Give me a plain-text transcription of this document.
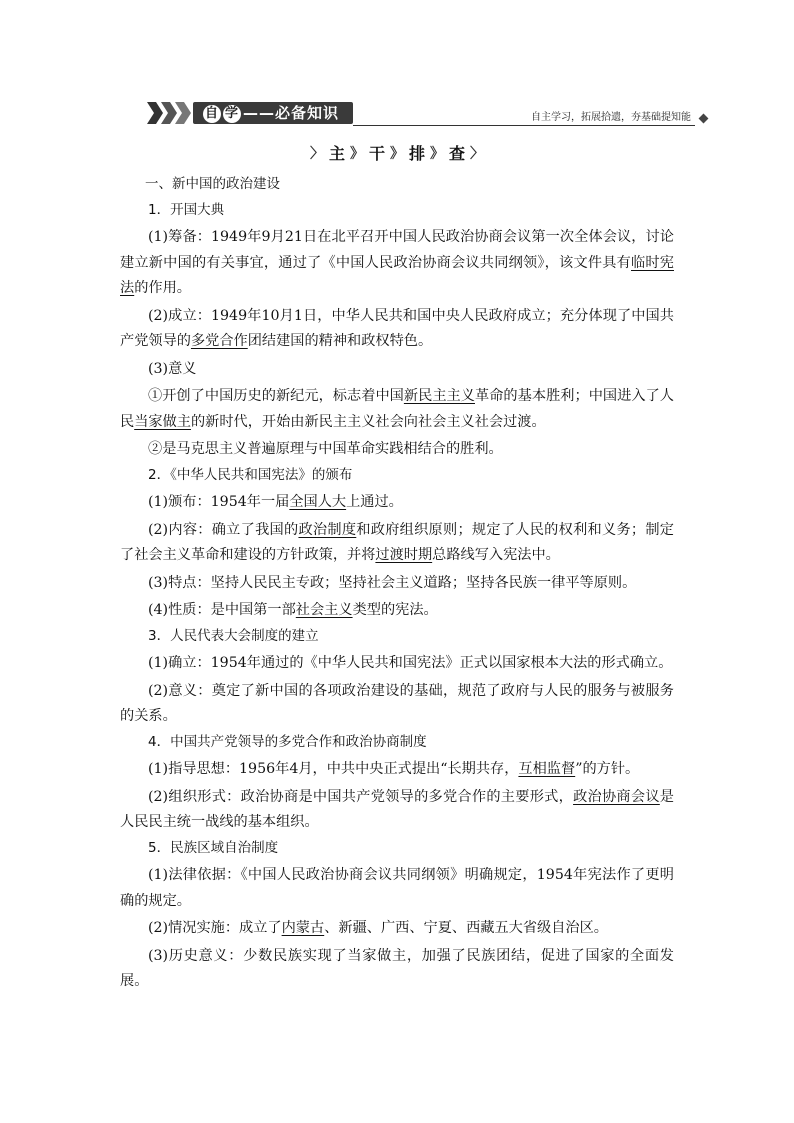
自 学 ——必备知识	自主学习，拓展拾遗，夯基础提知能
〉 主 》 干 》 排 》 查 〉

一、新中国的政治建设

1．开国大典

(1)筹备：1949年9月21日在北平召开中国人民政治协商会议第一次全体会议，讨论建立新中国的有关事宜，通过了《中国人民政治协商会议共同纲领》，该文件具有临时宪法的作用。

(2)成立：1949年10月1日，中华人民共和国中央人民政府成立；充分体现了中国共产党领导的多党合作团结建国的精神和政权特色。

(3)意义

①开创了中国历史的新纪元，标志着中国新民主主义革命的基本胜利；中国进入了人民当家做主的新时代，开始由新民主主义社会向社会主义社会过渡。

②是马克思主义普遍原理与中国革命实践相结合的胜利。

2．《中华人民共和国宪法》的颁布

(1)颁布：1954年一届全国人大上通过。

(2)内容：确立了我国的政治制度和政府组织原则；规定了人民的权利和义务；制定了社会主义革命和建设的方针政策，并将过渡时期总路线写入宪法中。

(3)特点：坚持人民民主专政；坚持社会主义道路；坚持各民族一律平等原则。

(4)性质：是中国第一部社会主义类型的宪法。

3．人民代表大会制度的建立

(1)确立：1954年通过的《中华人民共和国宪法》正式以国家根本大法的形式确立。

(2)意义：奠定了新中国的各项政治建设的基础，规范了政府与人民的服务与被服务的关系。

4．中国共产党领导的多党合作和政治协商制度

(1)指导思想：1956年4月，中共中央正式提出“长期共存，互相监督”的方针。

(2)组织形式：政治协商是中国共产党领导的多党合作的主要形式，政治协商会议是人民民主统一战线的基本组织。

5．民族区域自治制度

(1)法律依据：《中国人民政治协商会议共同纲领》明确规定，1954年宪法作了更明确的规定。

(2)情况实施：成立了内蒙古、新疆、广西、宁夏、西藏五大省级自治区。

(3)历史意义：少数民族实现了当家做主，加强了民族团结，促进了国家的全面发展。
